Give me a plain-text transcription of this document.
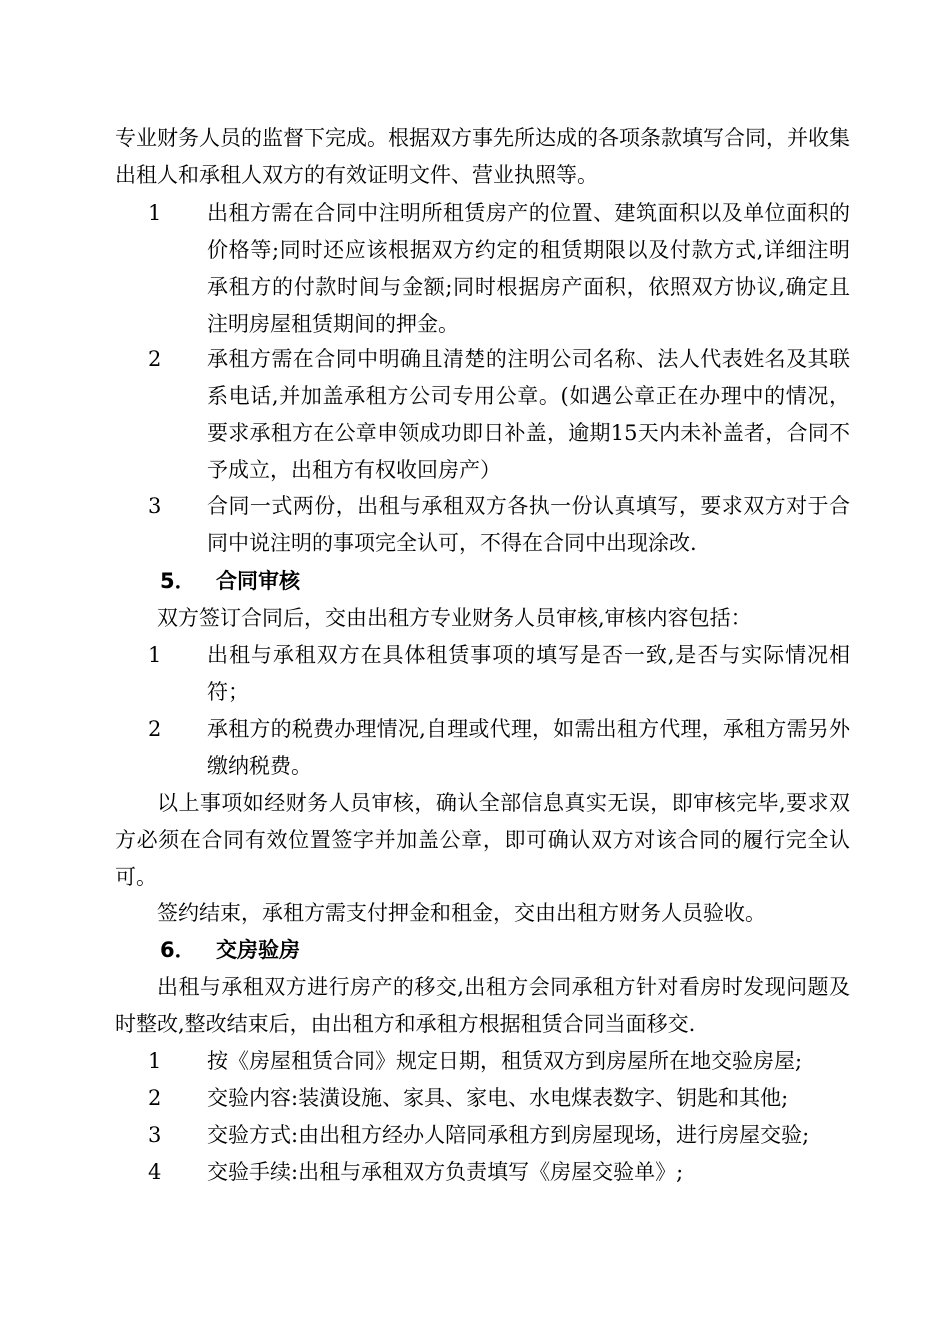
专业财务人员的监督下完成。根据双方事先所达成的各项条款填写合同，并收集出租人和承租人双方的有效证明文件、营业执照等。

1	出租方需在合同中注明所租赁房产的位置、建筑面积以及单位面积的价格等;同时还应该根据双方约定的租赁期限以及付款方式,详细注明承租方的付款时间与金额;同时根据房产面积，依照双方协议,确定且注明房屋租赁期间的押金。
2	承租方需在合同中明确且清楚的注明公司名称、法人代表姓名及其联系电话,并加盖承租方公司专用公章。(如遇公章正在办理中的情况，要求承租方在公章申领成功即日补盖，逾期15天内未补盖者，合同不予成立，出租方有权收回房产）
3	合同一式两份，出租与承租双方各执一份认真填写，要求双方对于合同中说注明的事项完全认可，不得在合同中出现涂改.
5． 合同审核

双方签订合同后，交由出租方专业财务人员审核,审核内容包括：

1	出租与承租双方在具体租赁事项的填写是否一致,是否与实际情况相符；
2	承租方的税费办理情况,自理或代理，如需出租方代理，承租方需另外缴纳税费。

以上事项如经财务人员审核，确认全部信息真实无误，即审核完毕,要求双方必须在合同有效位置签字并加盖公章，即可确认双方对该合同的履行完全认可。

签约结束，承租方需支付押金和租金，交由出租方财务人员验收。

6． 交房验房

出租与承租双方进行房产的移交,出租方会同承租方针对看房时发现问题及时整改,整改结束后，由出租方和承租方根据租赁合同当面移交.

1	按《房屋租赁合同》规定日期，租赁双方到房屋所在地交验房屋;
2	交验内容:装潢设施、家具、家电、水电煤表数字、钥匙和其他;
3	交验方式:由出租方经办人陪同承租方到房屋现场，进行房屋交验;
4	交验手续:出租与承租双方负责填写《房屋交验单》;
